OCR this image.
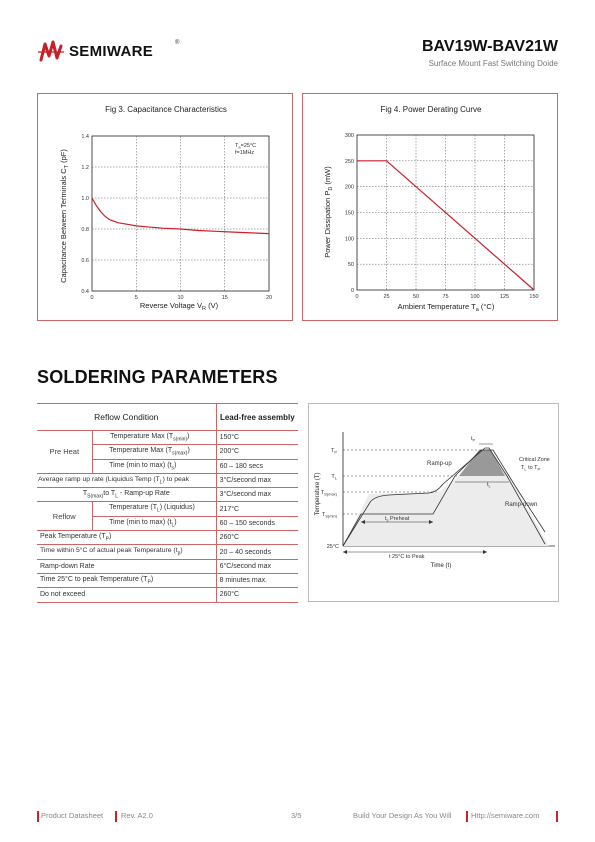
SEMIWARE	®	BAV19W-BAV21W
Surface Mount Fast Switching Doide
Fig 3. Capacitance Characteristics
0.4
0.6
0.8
1.0
1.2
1.4
0	5	10	15	20
$T_a=25^\circ C$
f=1MHz
Reverse Voltage $V_R$ (V)
Capacitance Between Terminals $C_T$ (pF)
Fig 4. Power Derating Curve
0
50
100
150
200
250
300
0	25	50	75	100	125	150
Ambient Temperature $T_a$ (°C)
Power Dissipation $P_D$ (mW)
SOLDERING PARAMETERS
Reflow Condition		Lead-free assembly
Pre Heat	Temperature Max $(T_{s(min)})$	150°C
	Temperature Max $(T_{s(max)})$	200°C
	Time (min to max) $(t_s)$	60 – 180 secs
Average ramp up rate (Liquidus Temp $(T_L)$ to peak		3°C/second max
$T_{S(max)}to$ $T_L$ - Ramp-up Rate		3°C/second max
Reflow	Temperature $(T_L)$ (Liquidus)	217°C
	Time (min to max) $(t_L)$	60 – 150 seconds
Peak Temperature $(T_P)$		260°C
Time within 5°C of actual peak Temperature $(t_p)$		20 – 40 seconds
Ramp-down Rate		6°C/second max
Time 25°C to peak Temperature $(T_P)$		8 minutes max.
Do not exceed		260°C
$T_P$
$T_L$
$T_{S(max)}$
$T_{S(min)}$
25°C
Temperature (T)
Time (t)
Ramp-up
Ramp-down
Critical Zone
$T_L$ to $T_P$
$t_s$ Preheat
t 25°C to Peak
$t_P$
$t_L$
Product Datasheet Rev. A2.0	3/5	Build Your Design As You Will	Http://semiware.com
